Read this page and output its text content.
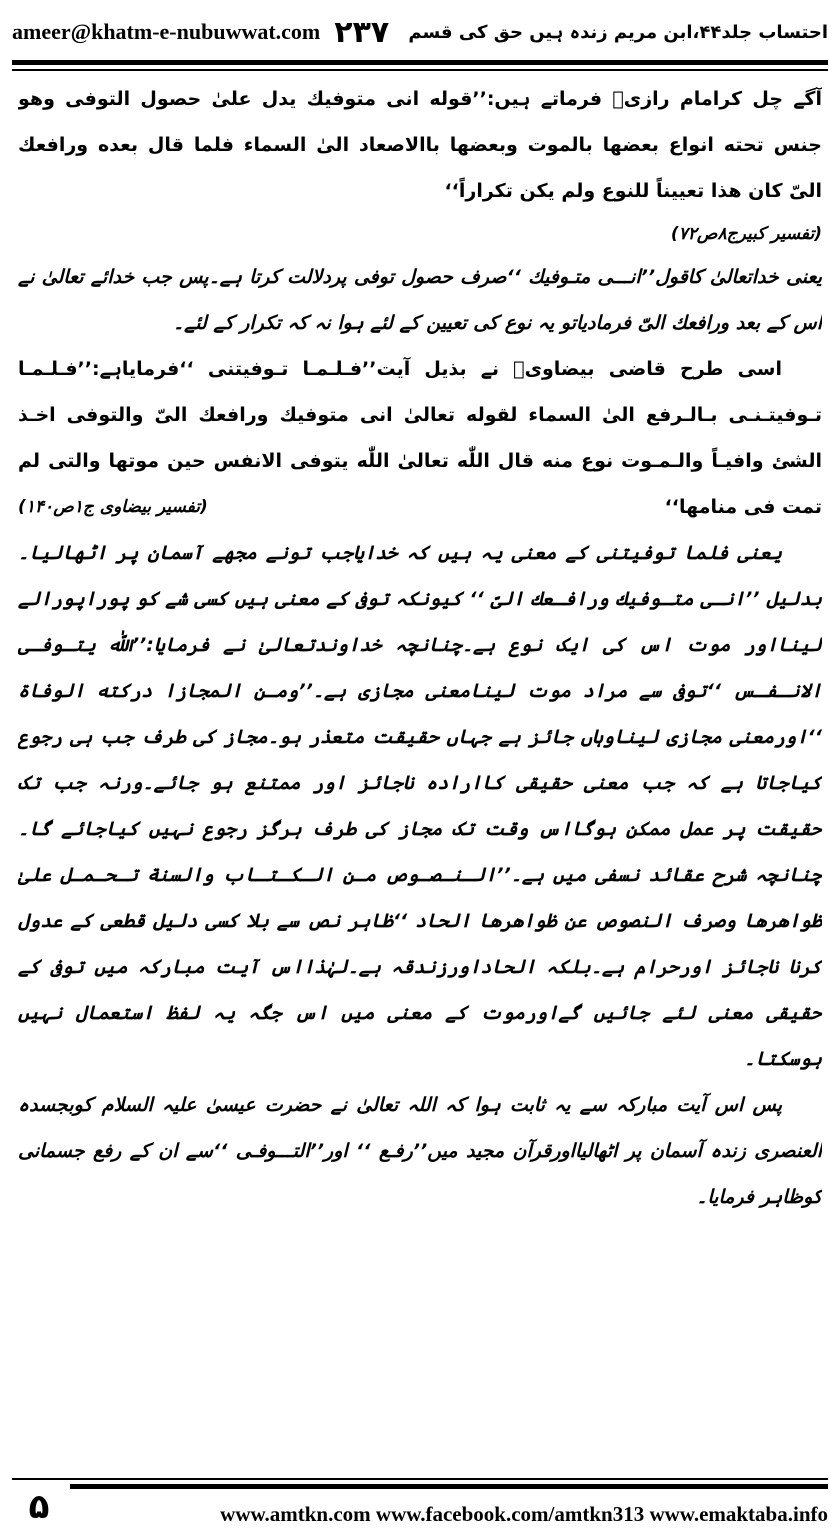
ameer@khatm-e-nubuwwat.com ۲۳۷ احتساب جلد۴۴،ابن مریم زندہ ہیں حق کی قسم

آگے چل کرامام رازیؒ فرماتے ہیں:’’قوله انی متوفیك یدل علیٰ حصول التوفی وهو جنس تحته انواع بعضها بالموت وبعضها باالاصعاد الیٰ السماء فلما قال بعده ورافعك الیّ كان هذا تعییناً للنوع ولم یكن تكراراً‘‘

(تفسیر کبیرج۸ص۷۲)

یعنی خداتعالیٰ کاقول’’انـــی متـوفیك ‘‘صرف حصول توفی پردلالت کرتا ہے۔پس جب خدائے تعالیٰ نے اس کے بعد ورافعك الیّ فرمادیاتو یہ نوع کی تعیین کے لئے ہوا نہ کہ تکرار کے لئے۔

اسی طرح قاضی بیضاویؒ نے بذیل آیت’’فـلـمـا تـوفیتنی ‘‘فرمایاہے:’’فـلـمـا تـوفیتـنـی بـالـرفع الیٰ السماء لقوله تعالیٰ انی متوفیك ورافعك الیّ والتوفی اخـذ الشئ وافیـاً والـمـوت نوع منه قال اللّٰه تعالیٰ اللّٰه یتوفی الانفس حین موتها والتی لم تمت فی منامها‘‘

(تفسیر بیضاوی ج۱ص۱۴۰)

یعنی فلما توفیتنی کے معنی یہ ہیں کہ خدایاجب تونے مجھے آسمان پر اٹھالیا۔بدلیل ’’انـی متـوفیك ورافـعك الیّ ‘‘ کیونکہ توفی کے معنی ہیں کسی شے کو پوراپورالے لینااور موت اس کی ایک نوع ہے۔چنانچہ خداوندتعالیٰ نے فرمایا:’’اللّٰه یتـوفـی الانـفـس ‘‘توفی سے مراد موت لینامعنی مجازی ہے۔’’ومـن المجازا دركته الوفاة ‘‘اورمعنی مجازی لیناوہاں جائز ہے جہاں حقیقت متعذر ہو۔مجاز کی طرف جب ہی رجوع کیاجاتا ہے کہ جب معنی حقیقی کاارادہ ناجائز اور ممتنع ہو جائے۔ورنہ جب تک حقیقت پر عمل ممکن ہوگااس وقت تک مجاز کی طرف ہرگز رجوع نہیں کیاجائے گا۔چنانچہ شرح عقائد نسفی میں ہے۔’’الـنـصـوص مـن الـكـتـاب والسنة تـحـمـل علیٰ ظواهرها وصرف النصوص عن ظواهرها الحاد ‘‘ظاہر نص سے بلا کسی دلیل قطعی کے عدول کرنا ناجائز اورحرام ہے۔بلکہ الحاداورزندقہ ہے۔لہٰذااس آیت مبارکہ میں توفی کے حقیقی معنی لئے جائیں گےاورموت کے معنی میں اس جگہ یہ لفظ استعمال نہیں ہوسکتا۔

پس اس آیت مبارکہ سے یہ ثابت ہوا کہ اللہ تعالیٰ نے حضرت عیسیٰ علیہ السلام کوبجسدہ العنصری زندہ آسمان پر اٹھالیااورقرآن مجید میں’’رفـع ‘‘ اور’’التـــوفـی ‘‘سے ان کے رفع جسمانی کوظاہر فرمایا۔

۵	www.amtkn.com www.facebook.com/amtkn313 www.emaktaba.info
